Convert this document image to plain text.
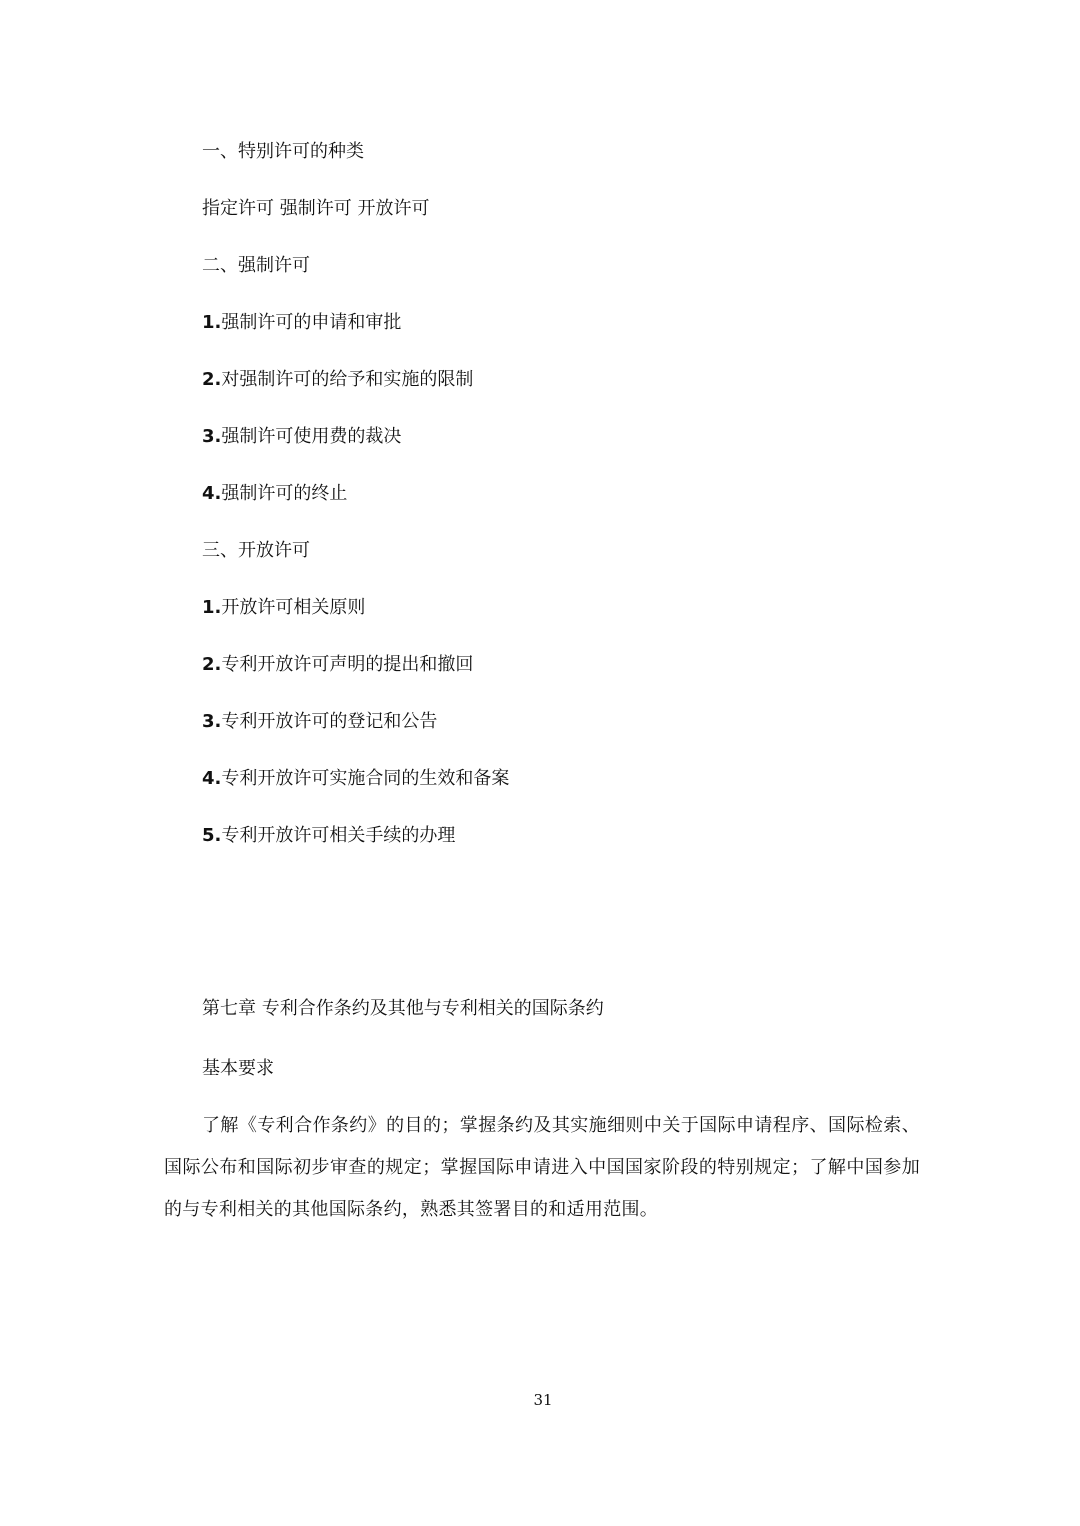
一、特别许可的种类
指定许可 强制许可 开放许可
二、强制许可
1.强制许可的申请和审批
2.对强制许可的给予和实施的限制
3.强制许可使用费的裁决
4.强制许可的终止
三、开放许可
1.开放许可相关原则
2.专利开放许可声明的提出和撤回
3.专利开放许可的登记和公告
4.专利开放许可实施合同的生效和备案
5.专利开放许可相关手续的办理
第七章 专利合作条约及其他与专利相关的国际条约
基本要求
了解《专利合作条约》的目的；掌握条约及其实施细则中关于国际申请程序、国际检索、国际公布和国际初步审查的规定；掌握国际申请进入中国国家阶段的特别规定；了解中国参加的与专利相关的其他国际条约，熟悉其签署目的和适用范围。
31
